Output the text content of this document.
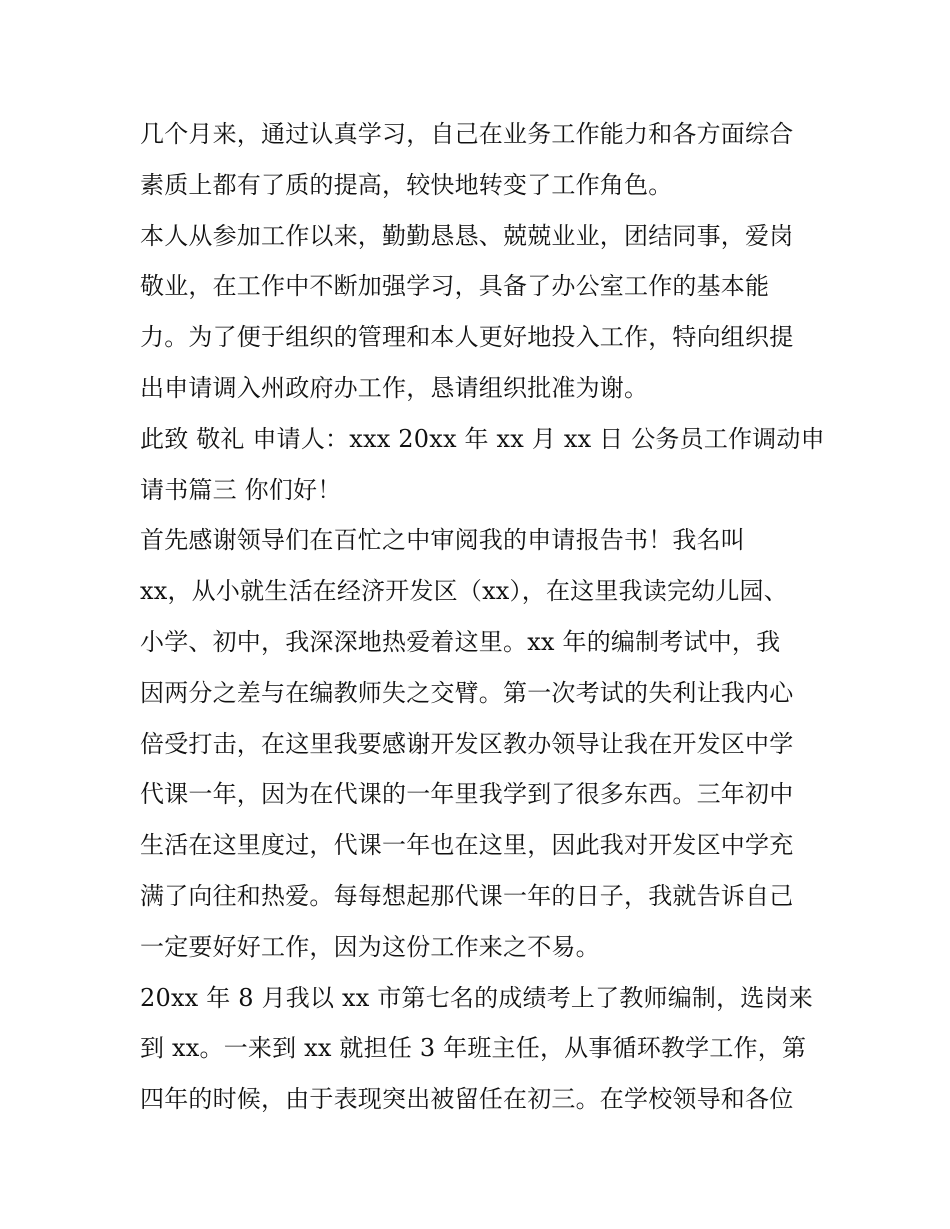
几个月来，通过认真学习，自己在业务工作能力和各方面综合
素质上都有了质的提高，较快地转变了工作角色。
本人从参加工作以来，勤勤恳恳、兢兢业业，团结同事，爱岗
敬业，在工作中不断加强学习，具备了办公室工作的基本能
力。为了便于组织的管理和本人更好地投入工作，特向组织提
出申请调入州政府办工作，恳请组织批准为谢。
此致 敬礼 申请人：xxx 20xx 年 xx 月 xx 日 公务员工作调动申
请书篇三 你们好！
首先感谢领导们在百忙之中审阅我的申请报告书！我名叫
xx，从小就生活在经济开发区（xx），在这里我读完幼儿园、
小学、初中，我深深地热爱着这里。xx 年的编制考试中，我
因两分之差与在编教师失之交臂。第一次考试的失利让我内心
倍受打击，在这里我要感谢开发区教办领导让我在开发区中学
代课一年，因为在代课的一年里我学到了很多东西。三年初中
生活在这里度过，代课一年也在这里，因此我对开发区中学充
满了向往和热爱。每每想起那代课一年的日子，我就告诉自己
一定要好好工作，因为这份工作来之不易。
20xx 年 8 月我以 xx 市第七名的成绩考上了教师编制，选岗来
到 xx。一来到 xx 就担任 3 年班主任，从事循环教学工作，第
四年的时候，由于表现突出被留任在初三。在学校领导和各位
